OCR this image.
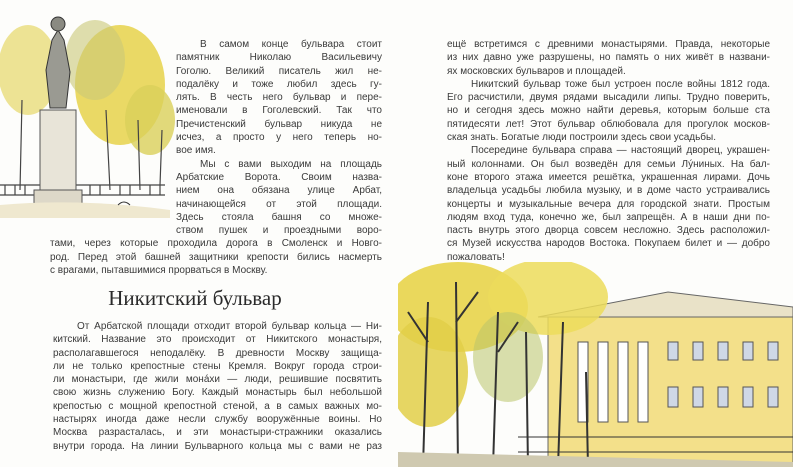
В самом конце бульвара стоит
памятник Николаю Васильевичу
Гоголю. Великий писатель жил не-
подалёку и тоже любил здесь гу-
лять. В честь него бульвар и пере-
именовали в Гоголевский. Так что
Пречистенский бульвар никуда не
исчез, а просто у него теперь но-
вое имя.
Мы с вами выходим на площадь
Арбатские Ворота. Своим назва-
нием она обязана улице Арбат,
начинающейся от этой площади.
Здесь стояла башня со множе-
ством пушек и проездными воро-
тами, через которые проходила дорога в Смоленск и Новго-
род. Перед этой башней защитники крепости бились насмерть
с врагами, пытавшимися прорваться в Москву.
Никитский бульвар
От Арбатской площади отходит второй бульвар кольца — Ни-
китский. Название это происходит от Никитского монастыря,
располагавшегося неподалёку. В древности Москву защища-
ли не только крепостные стены Кремля. Вокруг города строи-
ли монастыри, где жили монáхи — люди, решившие посвятить
свою жизнь служению Богу. Каждый монастырь был небольшой
крепостью с мощной крепостной стеной, а в самых важных мо-
настырях иногда даже несли службу вооружённые воины. Но
Москва разрасталась, и эти монастыри-стражники оказались
внутри города. На линии Бульварного кольца мы с вами не раз
ещё встретимся с древними монастырями. Правда, некоторые
из них давно уже разрушены, но память о них живёт в названи-
ях московских бульваров и площадей.
Никитский бульвар тоже был устроен после войны 1812 года.
Его расчистили, двумя рядами высадили липы. Трудно поверить,
но и сегодня здесь можно найти деревья, которым больше ста
пятидесяти лет! Этот бульвар облюбовала для прогулок москов-
ская знать. Богатые люди построили здесь свои усадьбы.
Посередине бульвара справа — настоящий дворец, украшен-
ный колоннами. Он был возведён для семьи Лýниных. На бал-
коне второго этажа имеется решётка, украшенная лирами. Дочь
владельца усадьбы любила музыку, и в доме часто устраивались
концерты и музыкальные вечера для городской знати. Простым
людям вход туда, конечно же, был запрещён. А в наши дни по-
пасть внутрь этого дворца совсем несложно. Здесь расположил-
ся Музей искусства народов Востока. Покупаем билет и — добро
пожаловать!
